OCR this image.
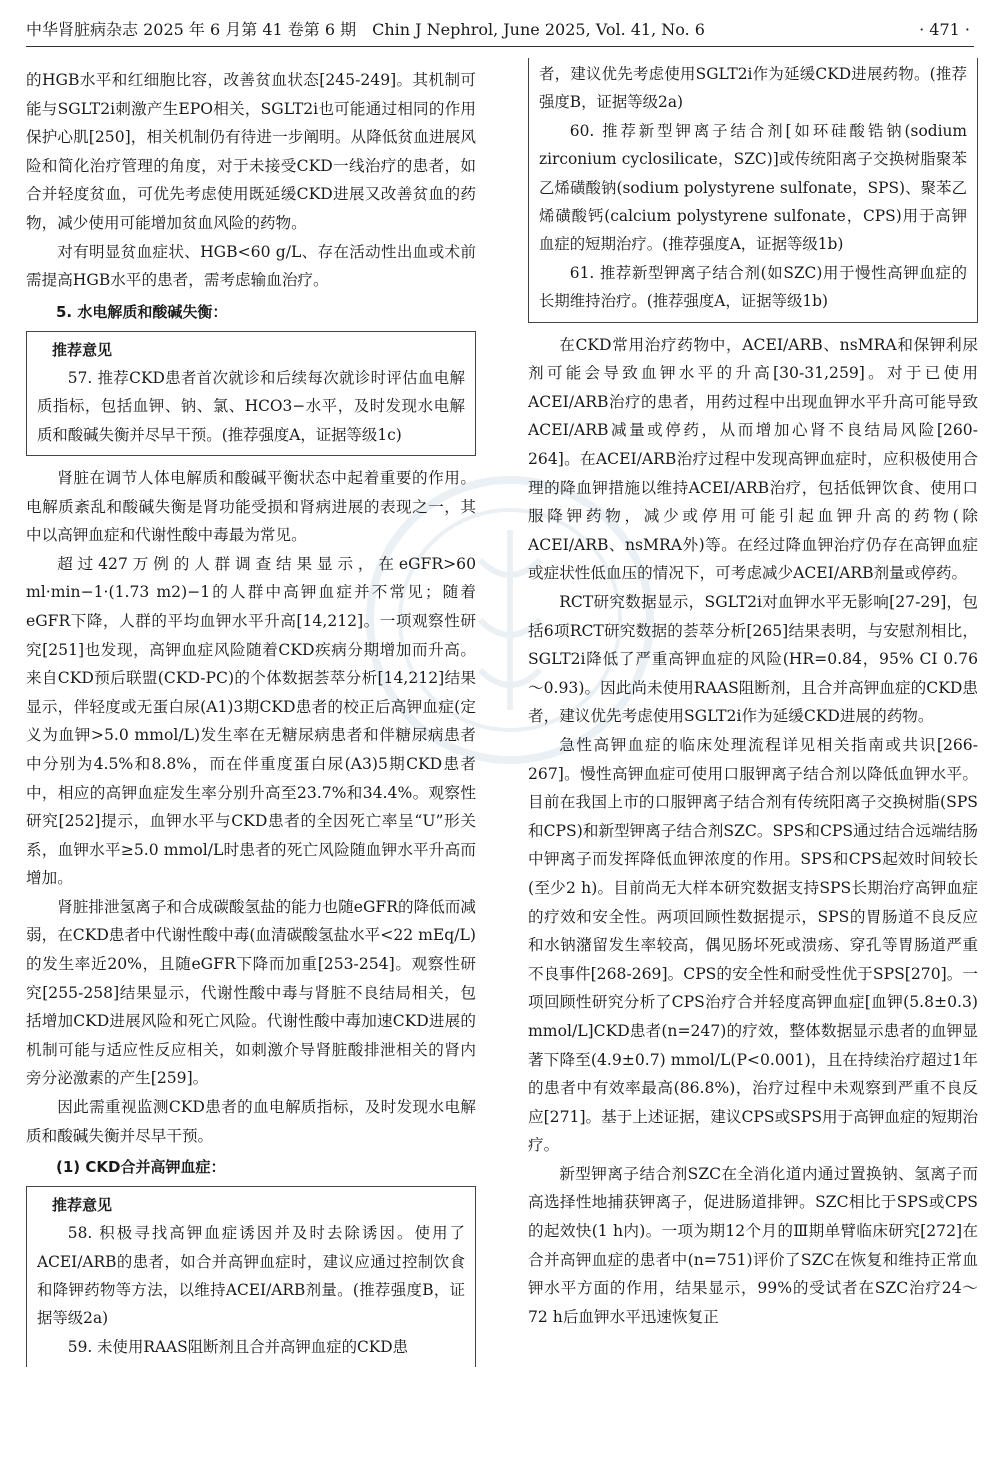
中华肾脏病杂志 2025 年 6 月第 41 卷第 6 期　Chin J Nephrol, June 2025, Vol. 41, No. 6	· 471 ·

的HGB水平和红细胞比容，改善贫血状态[245-249]。其机制可能与SGLT2i刺激产生EPO相关，SGLT2i也可能通过相同的作用保护心肌[250]，相关机制仍有待进一步阐明。从降低贫血进展风险和简化治疗管理的角度，对于未接受CKD一线治疗的患者，如合并轻度贫血，可优先考虑使用既延缓CKD进展又改善贫血的药物，减少使用可能增加贫血风险的药物。

对有明显贫血症状、HGB<60 g/L、存在活动性出血或术前需提高HGB水平的患者，需考虑输血治疗。

5. 水电解质和酸碱失衡：
推荐意见

57. 推荐CKD患者首次就诊和后续每次就诊时评估血电解质指标，包括血钾、钠、氯、HCO3−水平，及时发现水电解质和酸碱失衡并尽早干预。(推荐强度A，证据等级1c)

肾脏在调节人体电解质和酸碱平衡状态中起着重要的作用。电解质紊乱和酸碱失衡是肾功能受损和肾病进展的表现之一，其中以高钾血症和代谢性酸中毒最为常见。

超过427万例的人群调查结果显示，在eGFR>60 ml·min−1·(1.73 m2)−1的人群中高钾血症并不常见；随着eGFR下降，人群的平均血钾水平升高[14,212]。一项观察性研究[251]也发现，高钾血症风险随着CKD疾病分期增加而升高。来自CKD预后联盟(CKD-PC)的个体数据荟萃分析[14,212]结果显示，伴轻度或无蛋白尿(A1)3期CKD患者的校正后高钾血症(定义为血钾>5.0 mmol/L)发生率在无糖尿病患者和伴糖尿病患者中分别为4.5%和8.8%，而在伴重度蛋白尿(A3)5期CKD患者中，相应的高钾血症发生率分别升高至23.7%和34.4%。观察性研究[252]提示，血钾水平与CKD患者的全因死亡率呈“U”形关系，血钾水平≥5.0 mmol/L时患者的死亡风险随血钾水平升高而增加。

肾脏排泄氢离子和合成碳酸氢盐的能力也随eGFR的降低而减弱，在CKD患者中代谢性酸中毒(血清碳酸氢盐水平<22 mEq/L)的发生率近20%，且随eGFR下降而加重[253-254]。观察性研究[255-258]结果显示，代谢性酸中毒与肾脏不良结局相关，包括增加CKD进展风险和死亡风险。代谢性酸中毒加速CKD进展的机制可能与适应性反应相关，如刺激介导肾脏酸排泄相关的肾内旁分泌激素的产生[259]。

因此需重视监测CKD患者的血电解质指标，及时发现水电解质和酸碱失衡并尽早干预。

(1) CKD合并高钾血症：
推荐意见

58. 积极寻找高钾血症诱因并及时去除诱因。使用了ACEI/ARB的患者，如合并高钾血症时，建议应通过控制饮食和降钾药物等方法，以维持ACEI/ARB剂量。(推荐强度B，证据等级2a)

59. 未使用RAAS阻断剂且合并高钾血症的CKD患

者，建议优先考虑使用SGLT2i作为延缓CKD进展药物。(推荐强度B，证据等级2a)

60. 推荐新型钾离子结合剂[如环硅酸锆钠(sodium zirconium cyclosilicate，SZC)]或传统阳离子交换树脂聚苯乙烯磺酸钠(sodium polystyrene sulfonate，SPS)、聚苯乙烯磺酸钙(calcium polystyrene sulfonate，CPS)用于高钾血症的短期治疗。(推荐强度A，证据等级1b)

61. 推荐新型钾离子结合剂(如SZC)用于慢性高钾血症的长期维持治疗。(推荐强度A，证据等级1b)

在CKD常用治疗药物中，ACEI/ARB、nsMRA和保钾利尿剂可能会导致血钾水平的升高[30-31,259]。对于已使用ACEI/ARB治疗的患者，用药过程中出现血钾水平升高可能导致ACEI/ARB减量或停药，从而增加心肾不良结局风险[260-264]。在ACEI/ARB治疗过程中发现高钾血症时，应积极使用合理的降血钾措施以维持ACEI/ARB治疗，包括低钾饮食、使用口服降钾药物，减少或停用可能引起血钾升高的药物(除ACEI/ARB、nsMRA外)等。在经过降血钾治疗仍存在高钾血症或症状性低血压的情况下，可考虑减少ACEI/ARB剂量或停药。

RCT研究数据显示，SGLT2i对血钾水平无影响[27-29]，包括6项RCT研究数据的荟萃分析[265]结果表明，与安慰剂相比，SGLT2i降低了严重高钾血症的风险(HR=0.84，95% CI 0.76～0.93)。因此尚未使用RAAS阻断剂，且合并高钾血症的CKD患者，建议优先考虑使用SGLT2i作为延缓CKD进展的药物。

急性高钾血症的临床处理流程详见相关指南或共识[266-267]。慢性高钾血症可使用口服钾离子结合剂以降低血钾水平。目前在我国上市的口服钾离子结合剂有传统阳离子交换树脂(SPS和CPS)和新型钾离子结合剂SZC。SPS和CPS通过结合远端结肠中钾离子而发挥降低血钾浓度的作用。SPS和CPS起效时间较长(至少2 h)。目前尚无大样本研究数据支持SPS长期治疗高钾血症的疗效和安全性。两项回顾性数据提示，SPS的胃肠道不良反应和水钠潴留发生率较高，偶见肠坏死或溃疡、穿孔等胃肠道严重不良事件[268-269]。CPS的安全性和耐受性优于SPS[270]。一项回顾性研究分析了CPS治疗合并轻度高钾血症[血钾(5.8±0.3) mmol/L]CKD患者(n=247)的疗效，整体数据显示患者的血钾显著下降至(4.9±0.7) mmol/L(P<0.001)，且在持续治疗超过1年的患者中有效率最高(86.8%)，治疗过程中未观察到严重不良反应[271]。基于上述证据，建议CPS或SPS用于高钾血症的短期治疗。

新型钾离子结合剂SZC在全消化道内通过置换钠、氢离子而高选择性地捕获钾离子，促进肠道排钾。SZC相比于SPS或CPS的起效快(1 h内)。一项为期12个月的Ⅲ期单臂临床研究[272]在合并高钾血症的患者中(n=751)评价了SZC在恢复和维持正常血钾水平方面的作用，结果显示，99%的受试者在SZC治疗24～72 h后血钾水平迅速恢复正
